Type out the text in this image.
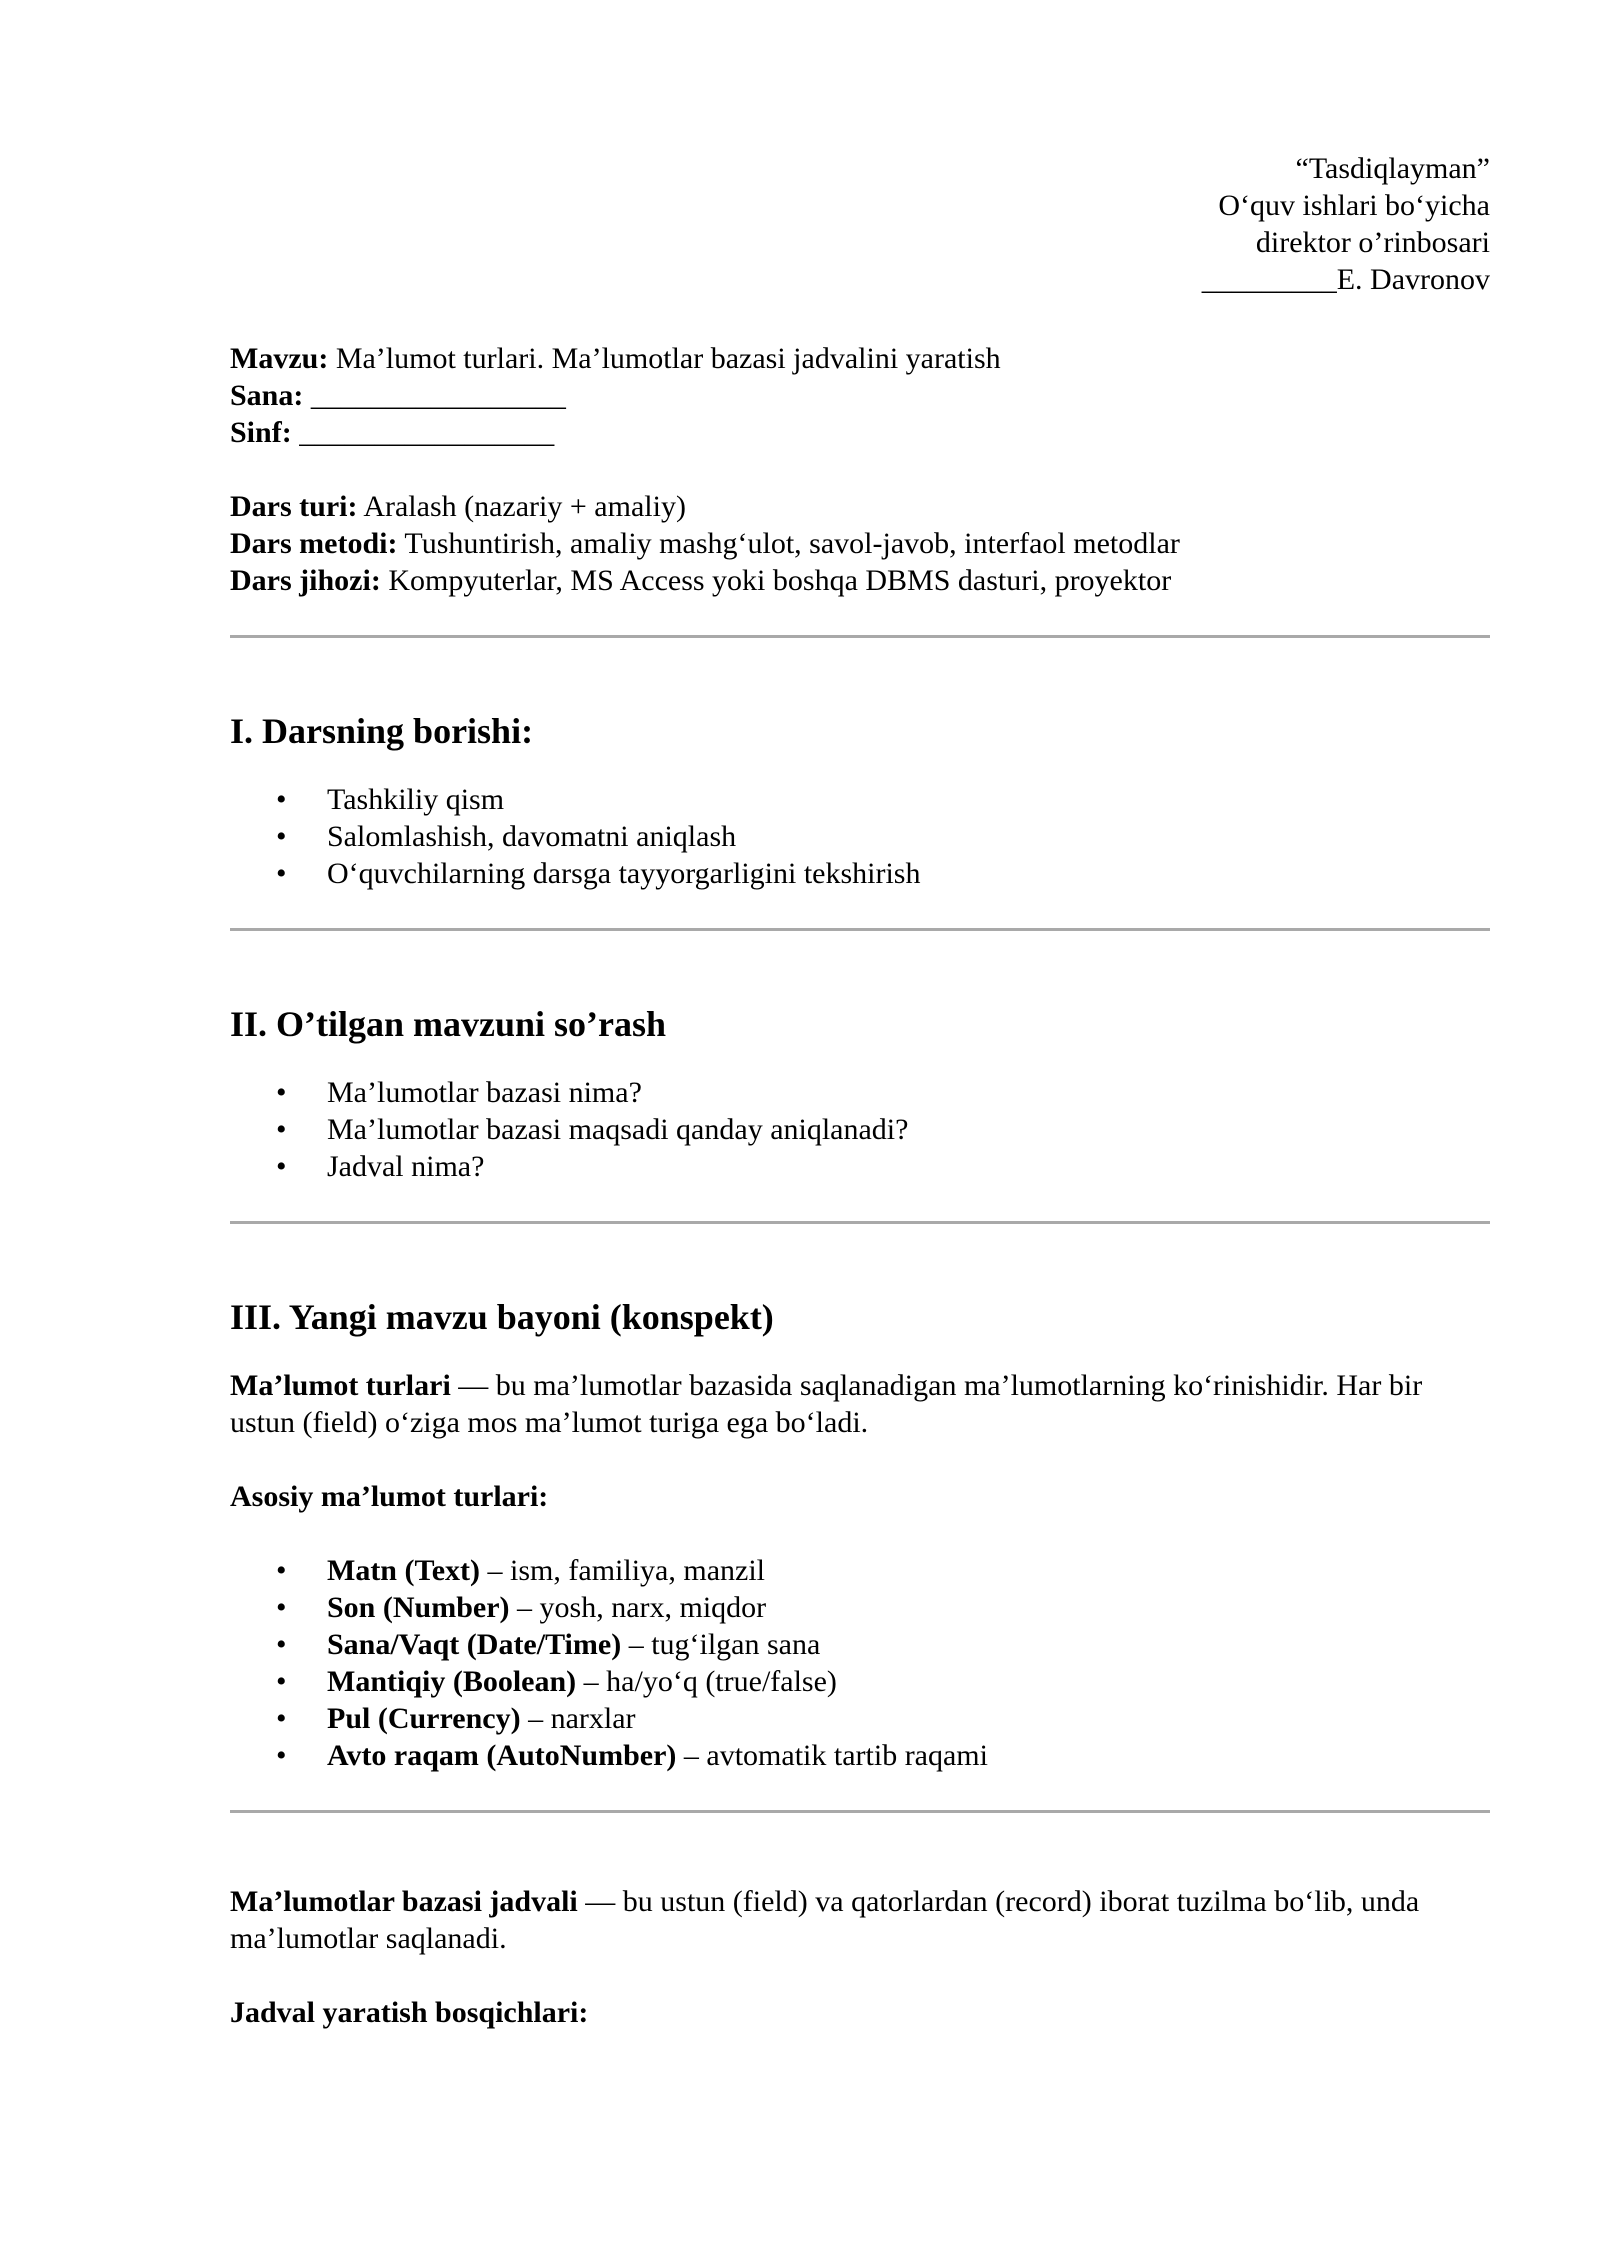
“Tasdiqlayman”
O‘quv ishlari bo‘yicha
direktor o’rinbosari
_________E. Davronov
Mavzu: Ma’lumot turlari. Ma’lumotlar bazasi jadvalini yaratish
Sana: _________________
Sinf: _________________
Dars turi: Aralash (nazariy + amaliy)
Dars metodi: Tushuntirish, amaliy mashg‘ulot, savol-javob, interfaol metodlar
Dars jihozi: Kompyuterlar, MS Access yoki boshqa DBMS dasturi, proyektor
I. Darsning borishi:
• Tashkiliy qism
• Salomlashish, davomatni aniqlash
• O‘quvchilarning darsga tayyorgarligini tekshirish
II. O’tilgan mavzuni so’rash
• Ma’lumotlar bazasi nima?
• Ma’lumotlar bazasi maqsadi qanday aniqlanadi?
• Jadval nima?
III. Yangi mavzu bayoni (konspekt)

Ma’lumot turlari — bu ma’lumotlar bazasida saqlanadigan ma’lumotlarning ko‘rinishidir. Har bir ustun (field) o‘ziga mos ma’lumot turiga ega bo‘ladi.

Asosiy ma’lumot turlari:
• Matn (Text) – ism, familiya, manzil
• Son (Number) – yosh, narx, miqdor
• Sana/Vaqt (Date/Time) – tug‘ilgan sana
• Mantiqiy (Boolean) – ha/yo‘q (true/false)
• Pul (Currency) – narxlar
• Avto raqam (AutoNumber) – avtomatik tartib raqami

Ma’lumotlar bazasi jadvali — bu ustun (field) va qatorlardan (record) iborat tuzilma bo‘lib, unda ma’lumotlar saqlanadi.

Jadval yaratish bosqichlari:
